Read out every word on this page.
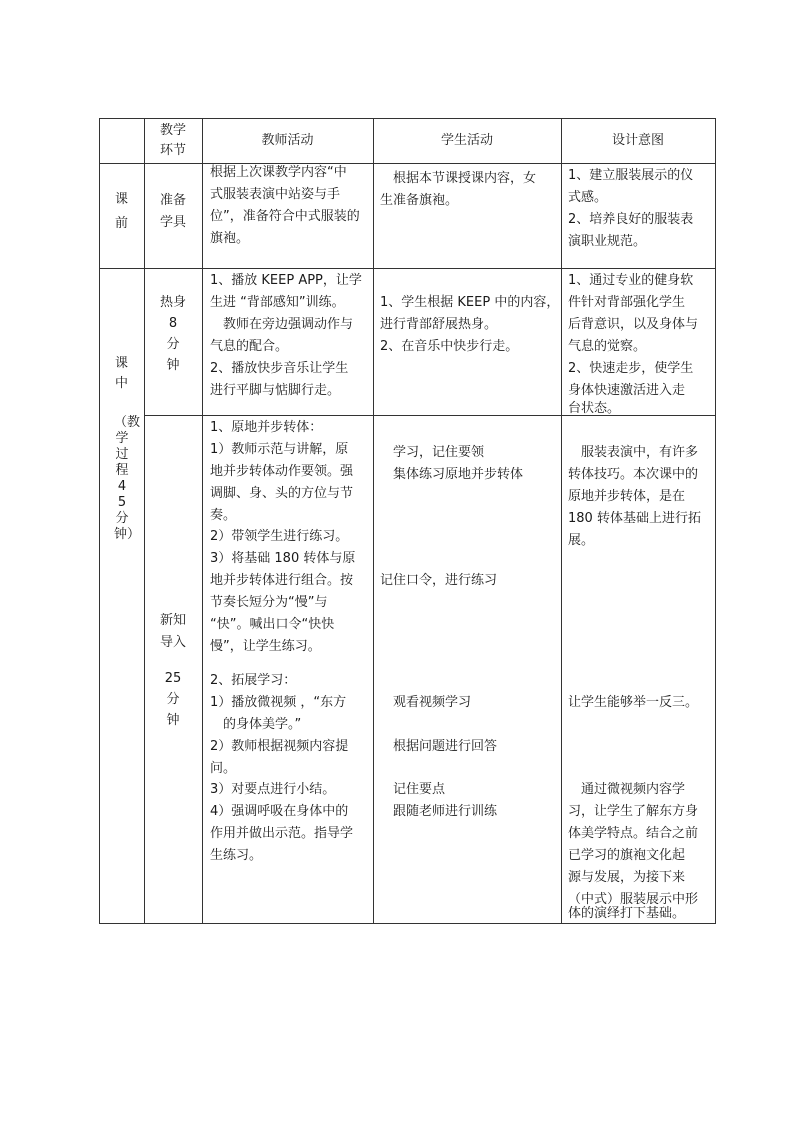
教学
环节
教师活动	学生活动	设计意图
课
前
准备
学具
根据上次课教学内容“中
式服装表演中站姿与手
位”，准备符合中式服装的
旗袍。
　根据本节课授课内容，女
生准备旗袍。
1、建立服装展示的仪
式感。
2、培养良好的服装表
演职业规范。
课
中
（教学过程45分钟）
热身
8
分
钟
1、播放 KEEP APP，让学
生进 “背部感知”训练。
　教师在旁边强调动作与
气息的配合。
2、播放快步音乐让学生
进行平脚与惦脚行走。
1、学生根据 KEEP 中的内容，
进行背部舒展热身。
2、在音乐中快步行走。
1、通过专业的健身软
件针对背部强化学生
后背意识，以及身体与
气息的觉察。
2、快速走步，使学生
身体快速激活进入走
台状态。
新知
导入
25
分
钟
1、原地并步转体：
1）教师示范与讲解，原
地并步转体动作要领。强
调脚、身、头的方位与节
奏。
2）带领学生进行练习。
3）将基础 180 转体与原
地并步转体进行组合。按
节奏长短分为“慢”与
“快”。喊出口令“快快
慢”，让学生练习。
2、拓展学习：
1）播放微视频 ，“东方
　的身体美学。”
2）教师根据视频内容提
问。
3）对要点进行小结。
4）强调呼吸在身体中的
作用并做出示范。指导学
生练习。
　学习，记住要领
　集体练习原地并步转体
记住口令，进行练习
　观看视频学习
　根据问题进行回答
　记住要点
　跟随老师进行训练
　服装表演中，有许多
转体技巧。本次课中的
原地并步转体，是在
180 转体基础上进行拓
展。
让学生能够举一反三。
　通过微视频内容学
习，让学生了解东方身
体美学特点。结合之前
已学习的旗袍文化起
源与发展，为接下来
（中式）服装展示中形
体的演绎打下基础。
